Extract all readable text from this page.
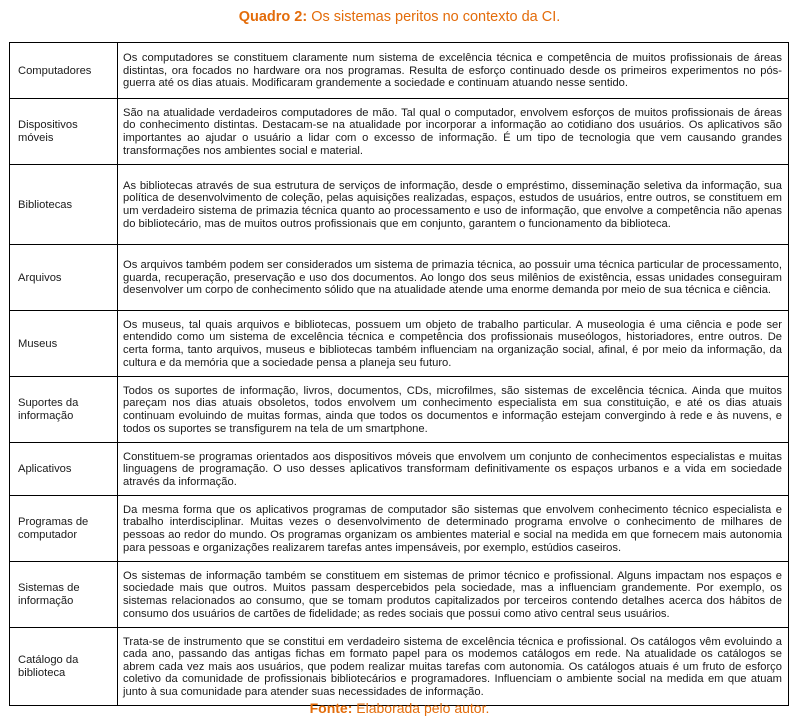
Quadro 2: Os sistemas peritos no contexto da CI.
Computadores	Os computadores se constituem claramente num sistema de excelência técnica e competência de muitos profissionais de áreas distintas, ora focados no hardware ora nos programas. Resulta de esforço continuado desde os primeiros experimentos no pós-guerra até os dias atuais. Modificaram grandemente a sociedade e continuam atuando nesse sentido.
Dispositivos móveis	São na atualidade verdadeiros computadores de mão. Tal qual o computador, envolvem esforços de muitos profissionais de áreas do conhecimento distintas. Destacam-se na atualidade por incorporar a informação ao cotidiano dos usuários. Os aplicativos são importantes ao ajudar o usuário a lidar com o excesso de informação. É um tipo de tecnologia que vem causando grandes transformações nos ambientes social e material.
Bibliotecas	As bibliotecas através de sua estrutura de serviços de informação, desde o empréstimo, disseminação seletiva da informação, sua política de desenvolvimento de coleção, pelas aquisições realizadas, espaços, estudos de usuários, entre outros, se constituem em um verdadeiro sistema de primazia técnica quanto ao processamento e uso de informação, que envolve a competência não apenas do bibliotecário, mas de muitos outros profissionais que em conjunto, garantem o funcionamento da biblioteca.
Arquivos	Os arquivos também podem ser considerados um sistema de primazia técnica, ao possuir uma técnica particular de processamento, guarda, recuperação, preservação e uso dos documentos. Ao longo dos seus milênios de existência, essas unidades conseguiram desenvolver um corpo de conhecimento sólido que na atualidade atende uma enorme demanda por meio de sua técnica e ciência.
Museus	Os museus, tal quais arquivos e bibliotecas, possuem um objeto de trabalho particular. A museologia é uma ciência e pode ser entendido como um sistema de excelência técnica e competência dos profissionais museólogos, historiadores, entre outros. De certa forma, tanto arquivos, museus e bibliotecas também influenciam na organização social, afinal, é por meio da informação, da cultura e da memória que a sociedade pensa a planeja seu futuro.
Suportes da informação	Todos os suportes de informação, livros, documentos, CDs, microfilmes, são sistemas de excelência técnica. Ainda que muitos pareçam nos dias atuais obsoletos, todos envolvem um conhecimento especialista em sua constituição, e até os dias atuais continuam evoluindo de muitas formas, ainda que todos os documentos e informação estejam convergindo à rede e às nuvens, e todos os suportes se transfigurem na tela de um smartphone.
Aplicativos	Constituem-se programas orientados aos dispositivos móveis que envolvem um conjunto de conhecimentos especialistas e muitas linguagens de programação. O uso desses aplicativos transformam definitivamente os espaços urbanos e a vida em sociedade através da informação.
Programas de computador	Da mesma forma que os aplicativos programas de computador são sistemas que envolvem conhecimento técnico especialista e trabalho interdisciplinar. Muitas vezes o desenvolvimento de determinado programa envolve o conhecimento de milhares de pessoas ao redor do mundo. Os programas organizam os ambientes material e social na medida em que fornecem mais autonomia para pessoas e organizações realizarem tarefas antes impensáveis, por exemplo, estúdios caseiros.
Sistemas de informação	Os sistemas de informação também se constituem em sistemas de primor técnico e profissional. Alguns impactam nos espaços e sociedade mais que outros. Muitos passam despercebidos pela sociedade, mas a influenciam grandemente. Por exemplo, os sistemas relacionados ao consumo, que se tomam produtos capitalizados por terceiros contendo detalhes acerca dos hábitos de consumo dos usuários de cartões de fidelidade; as redes sociais que possui como ativo central seus usuários.
Catálogo da biblioteca	Trata-se de instrumento que se constitui em verdadeiro sistema de excelência técnica e profissional. Os catálogos vêm evoluindo a cada ano, passando das antigas fichas em formato papel para os modemos catálogos em rede. Na atualidade os catálogos se abrem cada vez mais aos usuários, que podem realizar muitas tarefas com autonomia. Os catálogos atuais é um fruto de esforço coletivo da comunidade de profissionais bibliotecários e programadores. Influenciam o ambiente social na medida em que atuam junto à sua comunidade para atender suas necessidades de informação.
Fonte: Elaborada pelo autor.
